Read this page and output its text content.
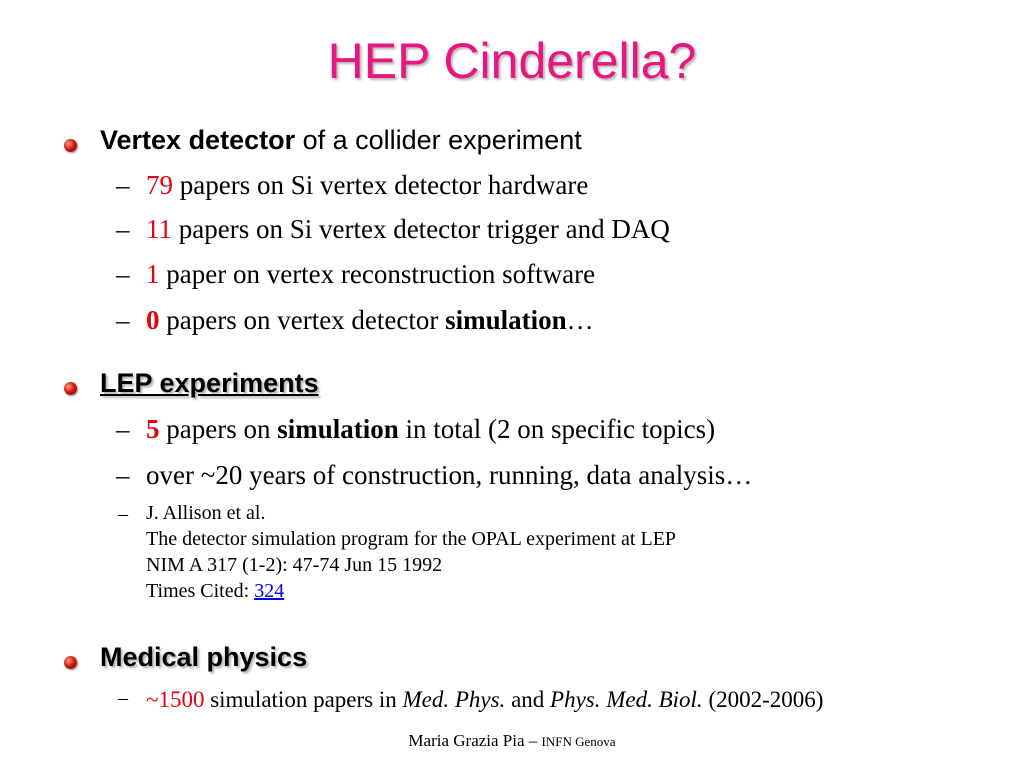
HEP Cinderella?
Vertex detector of a collider experiment
– 79 papers on Si vertex detector hardware
– 11 papers on Si vertex detector trigger and DAQ
– 1 paper on vertex reconstruction software
– 0 papers on vertex detector simulation…
LEP experiments
– 5 papers on simulation in total (2 on specific topics)
– over ~20 years of construction, running, data analysis…
– J. Allison et al.
The detector simulation program for the OPAL experiment at LEP
NIM A 317 (1-2): 47-74 Jun 15 1992
Times Cited: 324
Medical physics
– ~1500 simulation papers in Med. Phys. and Phys. Med. Biol. (2002-2006)
Maria Grazia Pia – INFN Genova
